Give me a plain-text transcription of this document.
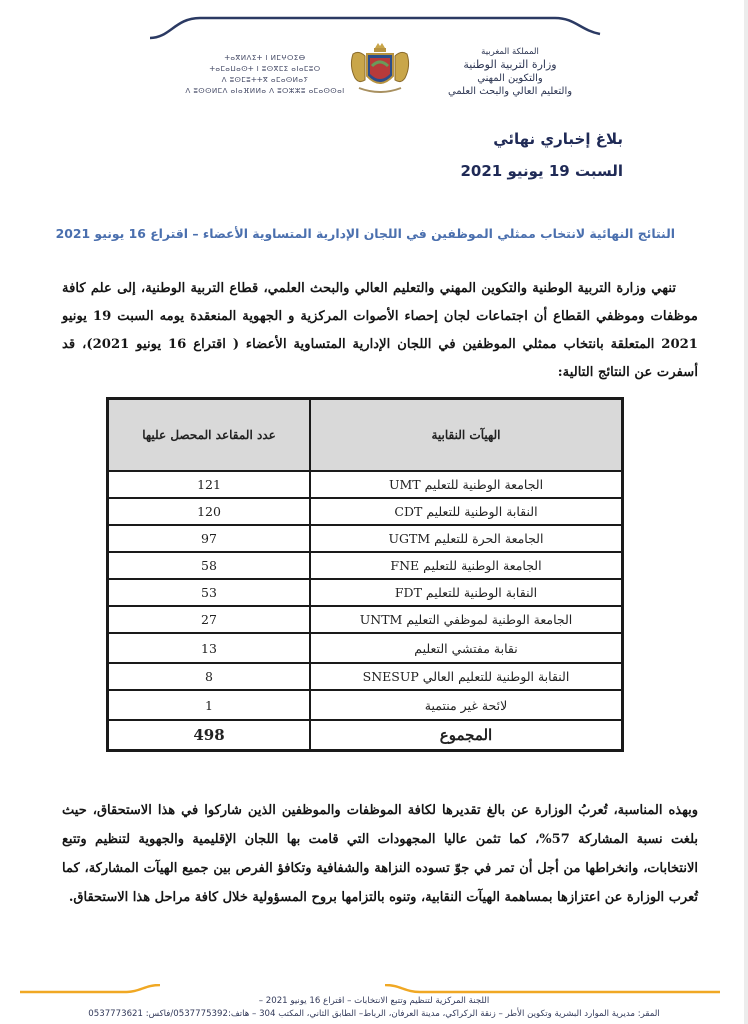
ⵜⴰⴳⵍⴷⵉⵜ ⵏ ⵍⵎⵖⵔⵉⴱ
ⵜⴰⵎⴰⵡⴰⵙⵜ ⵏ ⵓⵙⴳⵎⵉ ⴰⵏⴰⵎⵓⵔ
ⴷ ⵓⵙⵎⵓⵜⵜⴳ ⴰⵎⴰⵙⵍⴰⵢ
ⴷ ⵓⵙⵙⵍⵎⴷ ⴰⵏⴰⴼⵍⵍⴰ ⴷ ⵓⵔⵣⵣⵓ ⴰⵎⴰⵙⵙⴰⵏ
المملكة المغربية
وزارة التربية الوطنية
والتكوين المهني
والتعليم العالي والبحث العلمي
بلاغ إخباري نهائي
السبت 19 يونيو 2021
النتائج النهائية لانتخاب ممثلي الموظفين في اللجان الإدارية المتساوية الأعضاء – اقتراع 16 يونيو 2021

تنهي وزارة التربية الوطنية والتكوين المهني والتعليم العالي والبحث العلمي، قطاع التربية الوطنية، إلى علم كافة موظفات وموظفي القطاع أن اجتماعات لجان إحصاء الأصوات المركزية و الجهوية المنعقدة يومه السبت 19 يونيو 2021 المتعلقة بانتخاب ممثلي الموظفين في اللجان الإدارية المتساوية الأعضاء ( اقتراع 16 يونيو 2021)، قد أسفرت عن النتائج التالية:

الهيآت النقابية	عدد المقاعد المحصل عليها
الجامعة الوطنية للتعليم UMT	121
النقابة الوطنية للتعليم CDT	120
الجامعة الحرة للتعليم UGTM	97
الجامعة الوطنية للتعليم FNE	58
النقابة الوطنية للتعليم FDT	53
الجامعة الوطنية لموظفي التعليم UNTM	27
نقابة مفتشي التعليم	13
النقابة الوطنية للتعليم العالي SNESUP	8
لائحة غير منتمية	1
المجموع	498

وبهذه المناسبة، تُعربُ الوزارة عن بالغ تقديرها لكافة الموظفات والموظفين الذين شاركوا في هذا الاستحقاق، حيث بلغت نسبة المشاركة 57%، كما تثمن عاليا المجهودات التي قامت بها اللجان الإقليمية والجهوية لتنظيم وتتبع الانتخابات، وانخراطها من أجل أن تمر في جوّ تسوده النزاهة والشفافية وتكافؤ الفرص بين جميع الهيآت المشاركة، كما تُعرب الوزارة عن اعتزازها بمساهمة الهيآت النقابية، وتنوه بالتزامها بروح المسؤولية خلال كافة مراحل هذا الاستحقاق.

اللجنة المركزية لتنظيم وتتبع الانتخابات – اقتراع 16 يونيو 2021 –
المقر: مديرية الموارد البشرية وتكوين الأطر – زنقة الركراكي، مدينة العرفان، الرباط– الطابق الثاني، المكتب 304 – هاتف:0537775392/فاكس: 0537773621
